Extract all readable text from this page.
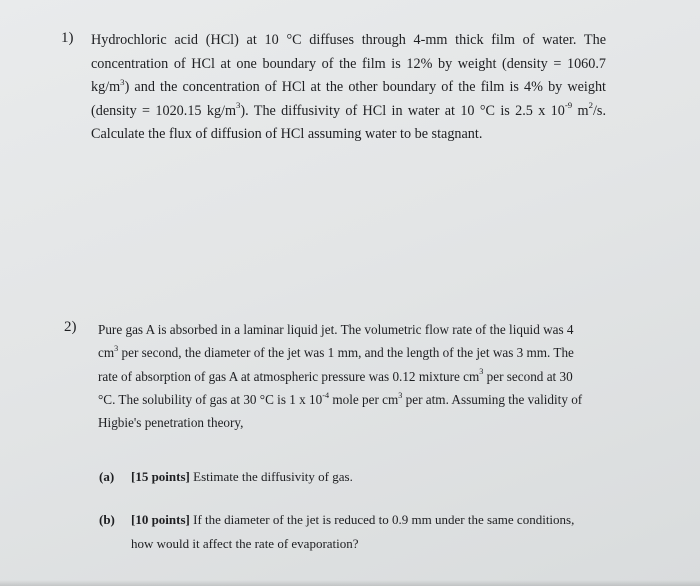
1) Hydrochloric acid (HCl) at 10 °C diffuses through 4-mm thick film of water. The concentration of HCl at one boundary of the film is 12% by weight (density = 1060.7 $kg/m^3$) and the concentration of HCl at the other boundary of the film is 4% by weight (density = 1020.15 $kg/m^3$). The diffusivity of HCl in water at 10 °C is 2.5 x $10^{-9}$ $m^2/s$. Calculate the flux of diffusion of HCl assuming water to be stagnant.
2) Pure gas A is absorbed in a laminar liquid jet. The volumetric flow rate of the liquid was 4 $cm^3$ per second, the diameter of the jet was 1 mm, and the length of the jet was 3 mm. The rate of absorption of gas A at atmospheric pressure was 0.12 mixture $cm^3$ per second at 30 °C. The solubility of gas at 30 °C is 1 x $10^{-4}$ mole per $cm^3$ per atm. Assuming the validity of Higbie's penetration theory,
(a) [15 points] Estimate the diffusivity of gas.
(b) [10 points] If the diameter of the jet is reduced to 0.9 mm under the same conditions, how would it affect the rate of evaporation?
